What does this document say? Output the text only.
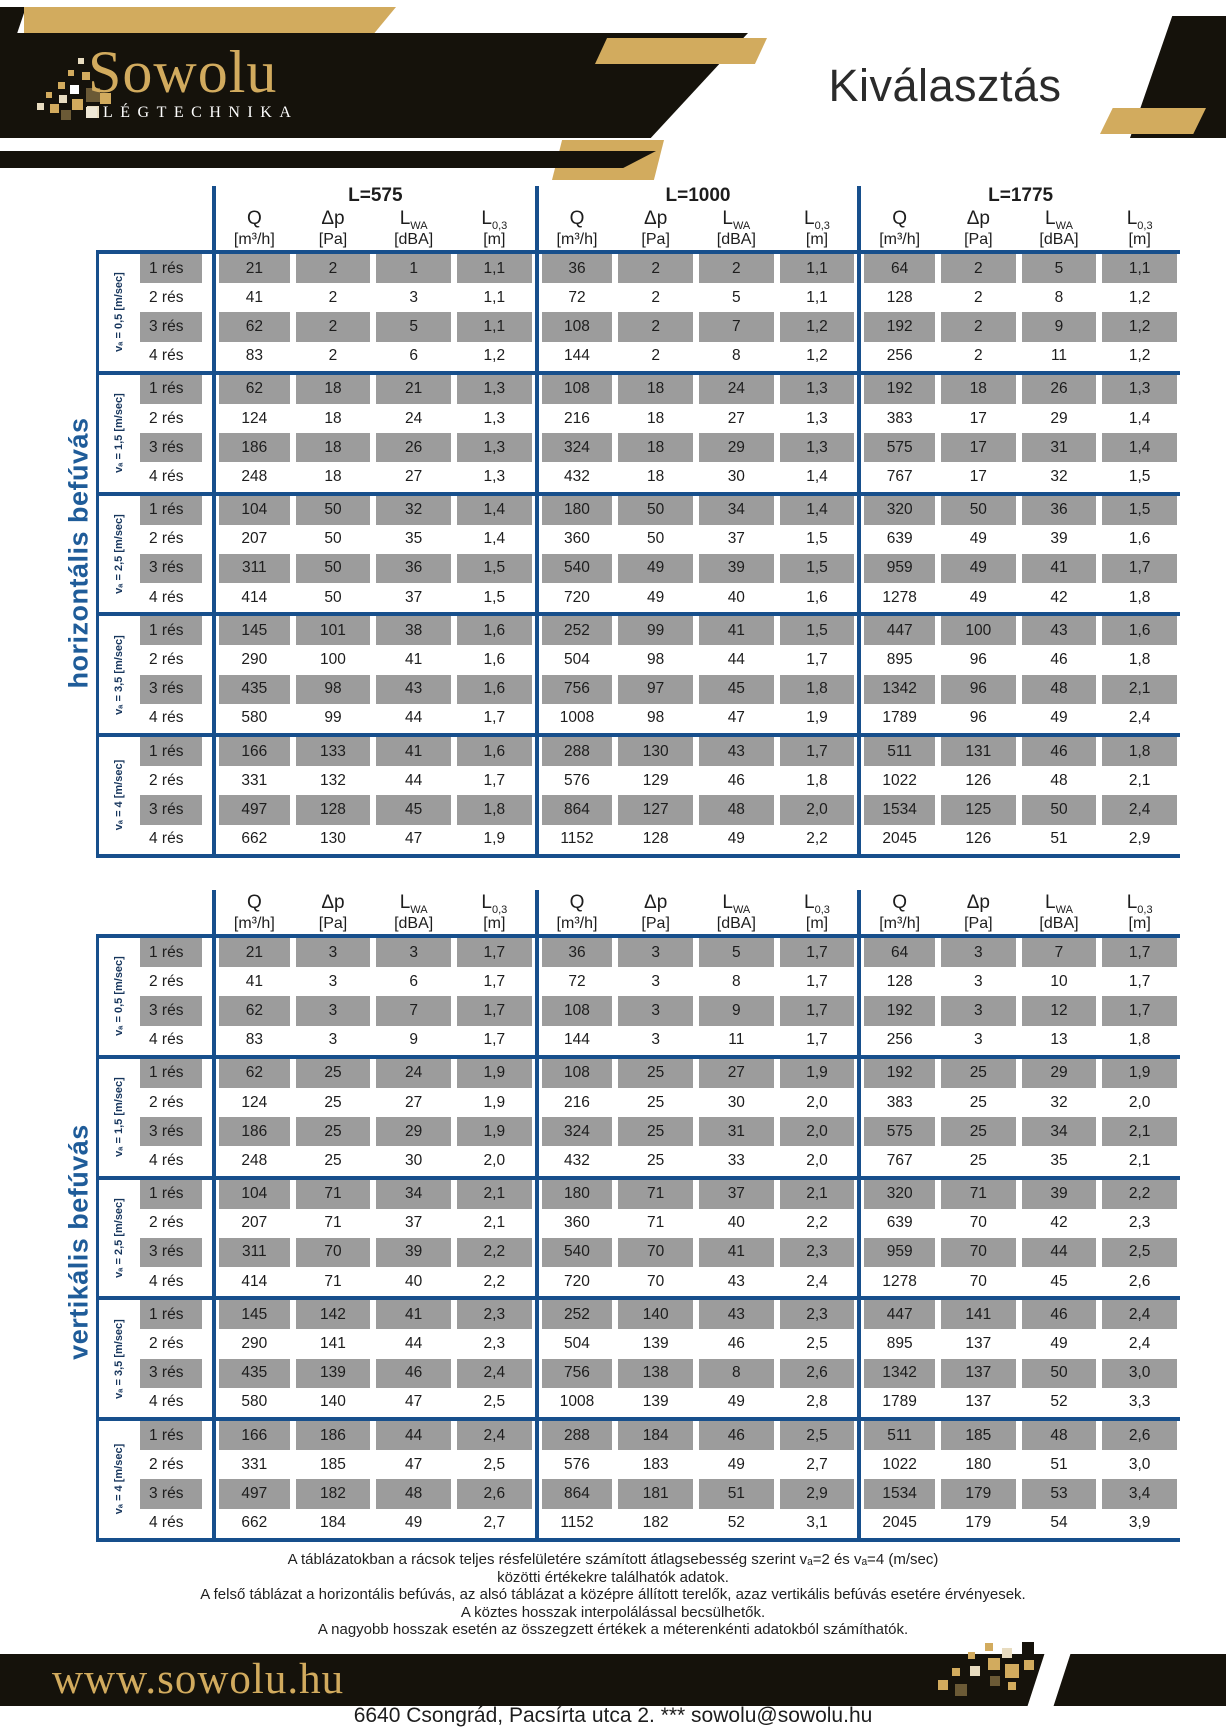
Sowolu
LÉGTECHNIKA
Kiválasztás
horizontális befúvás
vertikális befúvás
L=575	L=1000	L=1775
Q	Δp	$L_{WA}$	$L_{0,3}$	Q	Δp	$L_{WA}$	$L_{0,3}$	Q	Δp	$L_{WA}$	$L_{0,3}$
[m³/h]	[Pa]	[dBA]	[m]	[m³/h]	[Pa]	[dBA]	[m]	[m³/h]	[Pa]	[dBA]	[m]
vₐ = 0,5 [m/sec]
1 rés	21	2	1	1,1	36	2	2	1,1	64	2	5	1,1
2 rés	41	2	3	1,1	72	2	5	1,1	128	2	8	1,2
3 rés	62	2	5	1,1	108	2	7	1,2	192	2	9	1,2
4 rés	83	2	6	1,2	144	2	8	1,2	256	2	11	1,2
vₐ = 1,5 [m/sec]
1 rés	62	18	21	1,3	108	18	24	1,3	192	18	26	1,3
2 rés	124	18	24	1,3	216	18	27	1,3	383	17	29	1,4
3 rés	186	18	26	1,3	324	18	29	1,3	575	17	31	1,4
4 rés	248	18	27	1,3	432	18	30	1,4	767	17	32	1,5
vₐ = 2,5 [m/sec]
1 rés	104	50	32	1,4	180	50	34	1,4	320	50	36	1,5
2 rés	207	50	35	1,4	360	50	37	1,5	639	49	39	1,6
3 rés	311	50	36	1,5	540	49	39	1,5	959	49	41	1,7
4 rés	414	50	37	1,5	720	49	40	1,6	1278	49	42	1,8
vₐ = 3,5 [m/sec]
1 rés	145	101	38	1,6	252	99	41	1,5	447	100	43	1,6
2 rés	290	100	41	1,6	504	98	44	1,7	895	96	46	1,8
3 rés	435	98	43	1,6	756	97	45	1,8	1342	96	48	2,1
4 rés	580	99	44	1,7	1008	98	47	1,9	1789	96	49	2,4
vₐ = 4 [m/sec]
1 rés	166	133	41	1,6	288	130	43	1,7	511	131	46	1,8
2 rés	331	132	44	1,7	576	129	46	1,8	1022	126	48	2,1
3 rés	497	128	45	1,8	864	127	48	2,0	1534	125	50	2,4
4 rés	662	130	47	1,9	1152	128	49	2,2	2045	126	51	2,9
Q	Δp	$L_{WA}$	$L_{0,3}$	Q	Δp	$L_{WA}$	$L_{0,3}$	Q	Δp	$L_{WA}$	$L_{0,3}$
[m³/h]	[Pa]	[dBA]	[m]	[m³/h]	[Pa]	[dBA]	[m]	[m³/h]	[Pa]	[dBA]	[m]
vₐ = 0,5 [m/sec]
1 rés	21	3	3	1,7	36	3	5	1,7	64	3	7	1,7
2 rés	41	3	6	1,7	72	3	8	1,7	128	3	10	1,7
3 rés	62	3	7	1,7	108	3	9	1,7	192	3	12	1,7
4 rés	83	3	9	1,7	144	3	11	1,7	256	3	13	1,8
vₐ = 1,5 [m/sec]
1 rés	62	25	24	1,9	108	25	27	1,9	192	25	29	1,9
2 rés	124	25	27	1,9	216	25	30	2,0	383	25	32	2,0
3 rés	186	25	29	1,9	324	25	31	2,0	575	25	34	2,1
4 rés	248	25	30	2,0	432	25	33	2,0	767	25	35	2,1
vₐ = 2,5 [m/sec]
1 rés	104	71	34	2,1	180	71	37	2,1	320	71	39	2,2
2 rés	207	71	37	2,1	360	71	40	2,2	639	70	42	2,3
3 rés	311	70	39	2,2	540	70	41	2,3	959	70	44	2,5
4 rés	414	71	40	2,2	720	70	43	2,4	1278	70	45	2,6
vₐ = 3,5 [m/sec]
1 rés	145	142	41	2,3	252	140	43	2,3	447	141	46	2,4
2 rés	290	141	44	2,3	504	139	46	2,5	895	137	49	2,4
3 rés	435	139	46	2,4	756	138	8	2,6	1342	137	50	3,0
4 rés	580	140	47	2,5	1008	139	49	2,8	1789	137	52	3,3
vₐ = 4 [m/sec]
1 rés	166	186	44	2,4	288	184	46	2,5	511	185	48	2,6
2 rés	331	185	47	2,5	576	183	49	2,7	1022	180	51	3,0
3 rés	497	182	48	2,6	864	181	51	2,9	1534	179	53	3,4
4 rés	662	184	49	2,7	1152	182	52	3,1	2045	179	54	3,9
A táblázatokban a rácsok teljes résfelületére számított átlagsebesség szerint vₐ=2 és vₐ=4 (m/sec)
közötti értékekre találhatók adatok.
A felső táblázat a horizontális befúvás, az alsó táblázat a középre állított terelők, azaz vertikális befúvás esetére érvényesek.
A köztes hosszak interpolálással becsülhetők.
A nagyobb hosszak esetén az összegzett értékek a méterenkénti adatokból számíthatók.
www.sowolu.hu
6640 Csongrád, Pacsírta utca 2. *** sowolu@sowolu.hu
